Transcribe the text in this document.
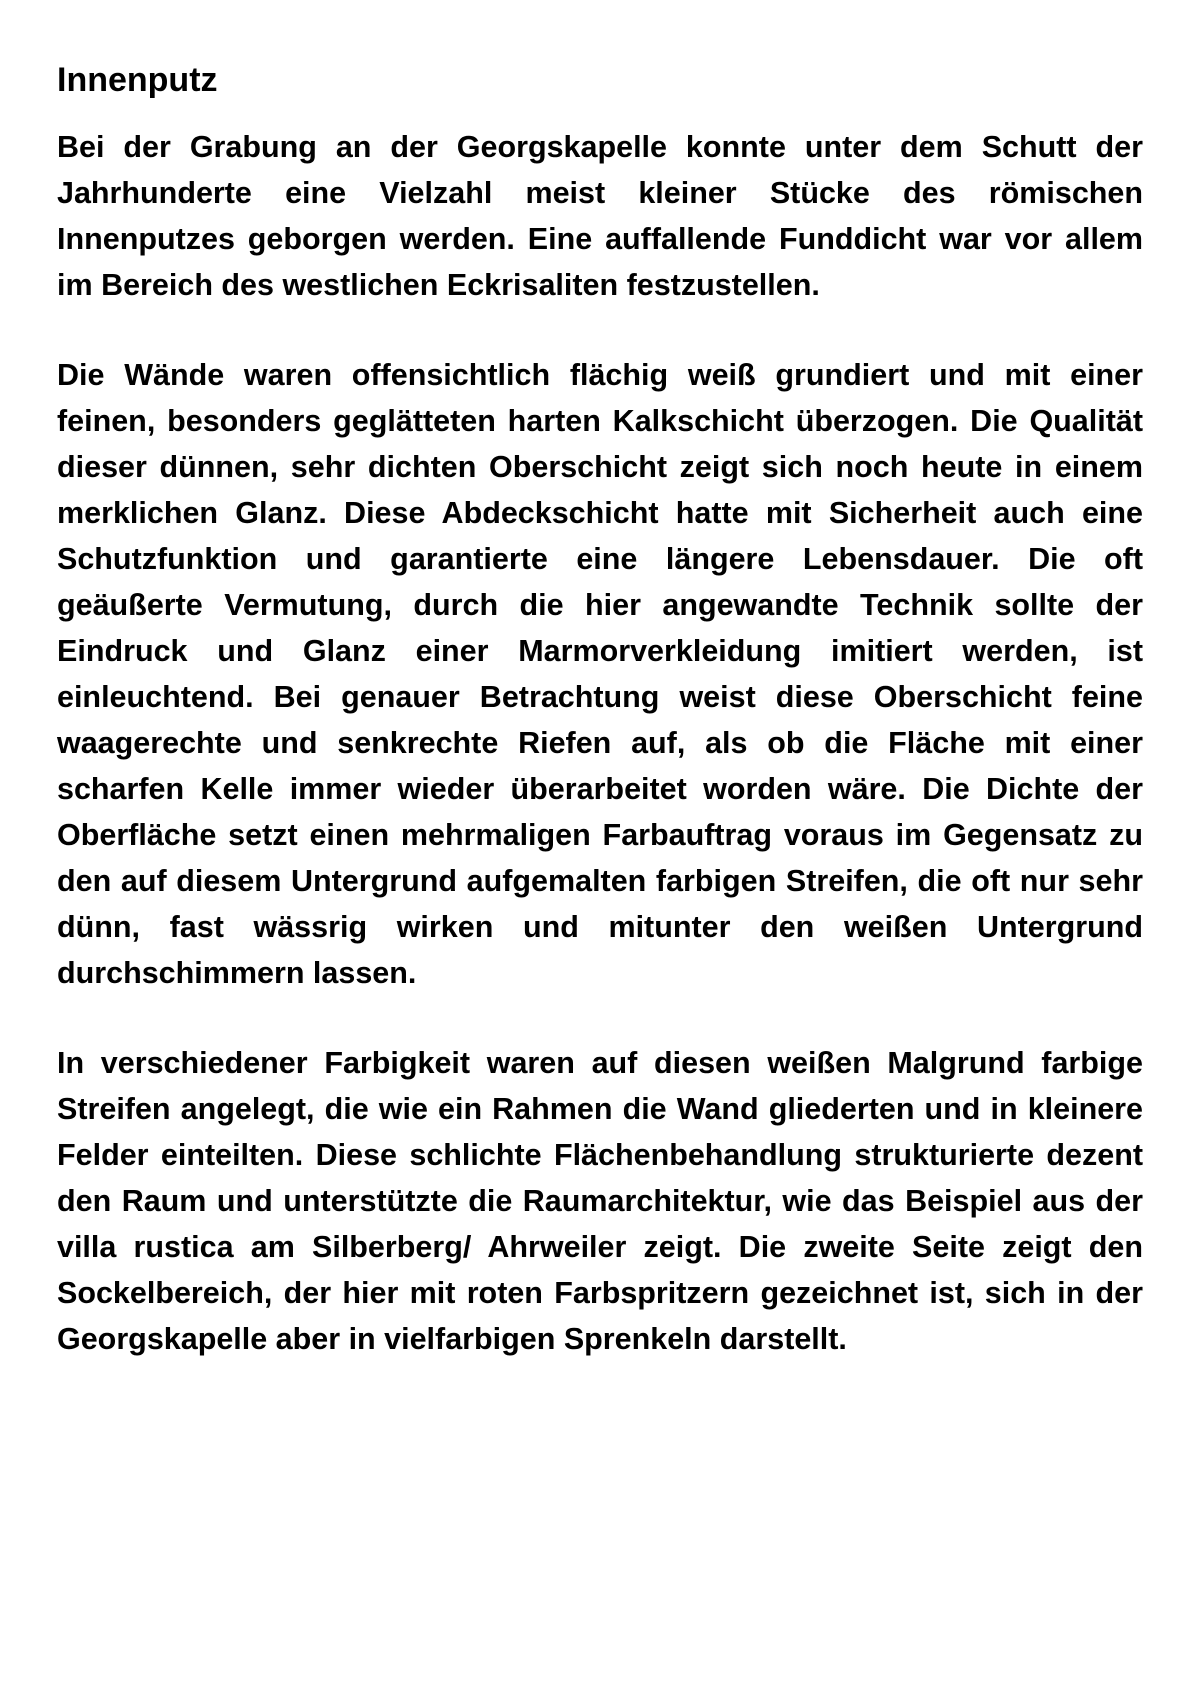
Innenputz

Bei der Grabung an der Georgskapelle konnte unter dem Schutt der Jahrhunderte eine Vielzahl meist kleiner Stücke des römischen Innenputzes geborgen werden. Eine auffallende Funddicht war vor allem im Bereich des westlichen Eckrisaliten festzustellen.

Die Wände waren offensichtlich flächig weiß grundiert und mit einer feinen, besonders geglätteten harten Kalkschicht überzogen. Die Qualität dieser dünnen, sehr dichten Oberschicht zeigt sich noch heute in einem merklichen Glanz. Diese Abdeckschicht hatte mit Sicherheit auch eine Schutzfunktion und garantierte eine längere Lebensdauer. Die oft geäußerte Vermutung, durch die hier angewandte Technik sollte der Eindruck und Glanz einer Marmorverkleidung imitiert werden, ist einleuchtend. Bei genauer Betrachtung weist diese Oberschicht feine waagerechte und senkrechte Riefen auf, als ob die Fläche mit einer scharfen Kelle immer wieder überarbeitet worden wäre. Die Dichte der Oberfläche setzt einen mehrmaligen Farbauftrag voraus im Gegensatz zu den auf diesem Untergrund aufgemalten farbigen Streifen, die oft nur sehr dünn, fast wässrig wirken und mitunter den weißen Untergrund durchschimmern lassen.

In verschiedener Farbigkeit waren auf diesen weißen Malgrund farbige Streifen angelegt, die wie ein Rahmen die Wand gliederten und in kleinere Felder einteilten. Diese schlichte Flächenbehandlung strukturierte dezent den Raum und unterstützte die Raumarchitektur, wie das Beispiel aus der villa rustica am Silberberg/ Ahrweiler zeigt. Die zweite Seite zeigt den Sockelbereich, der hier mit roten Farbspritzern gezeichnet ist, sich in der Georgskapelle aber in vielfarbigen Sprenkeln darstellt.
